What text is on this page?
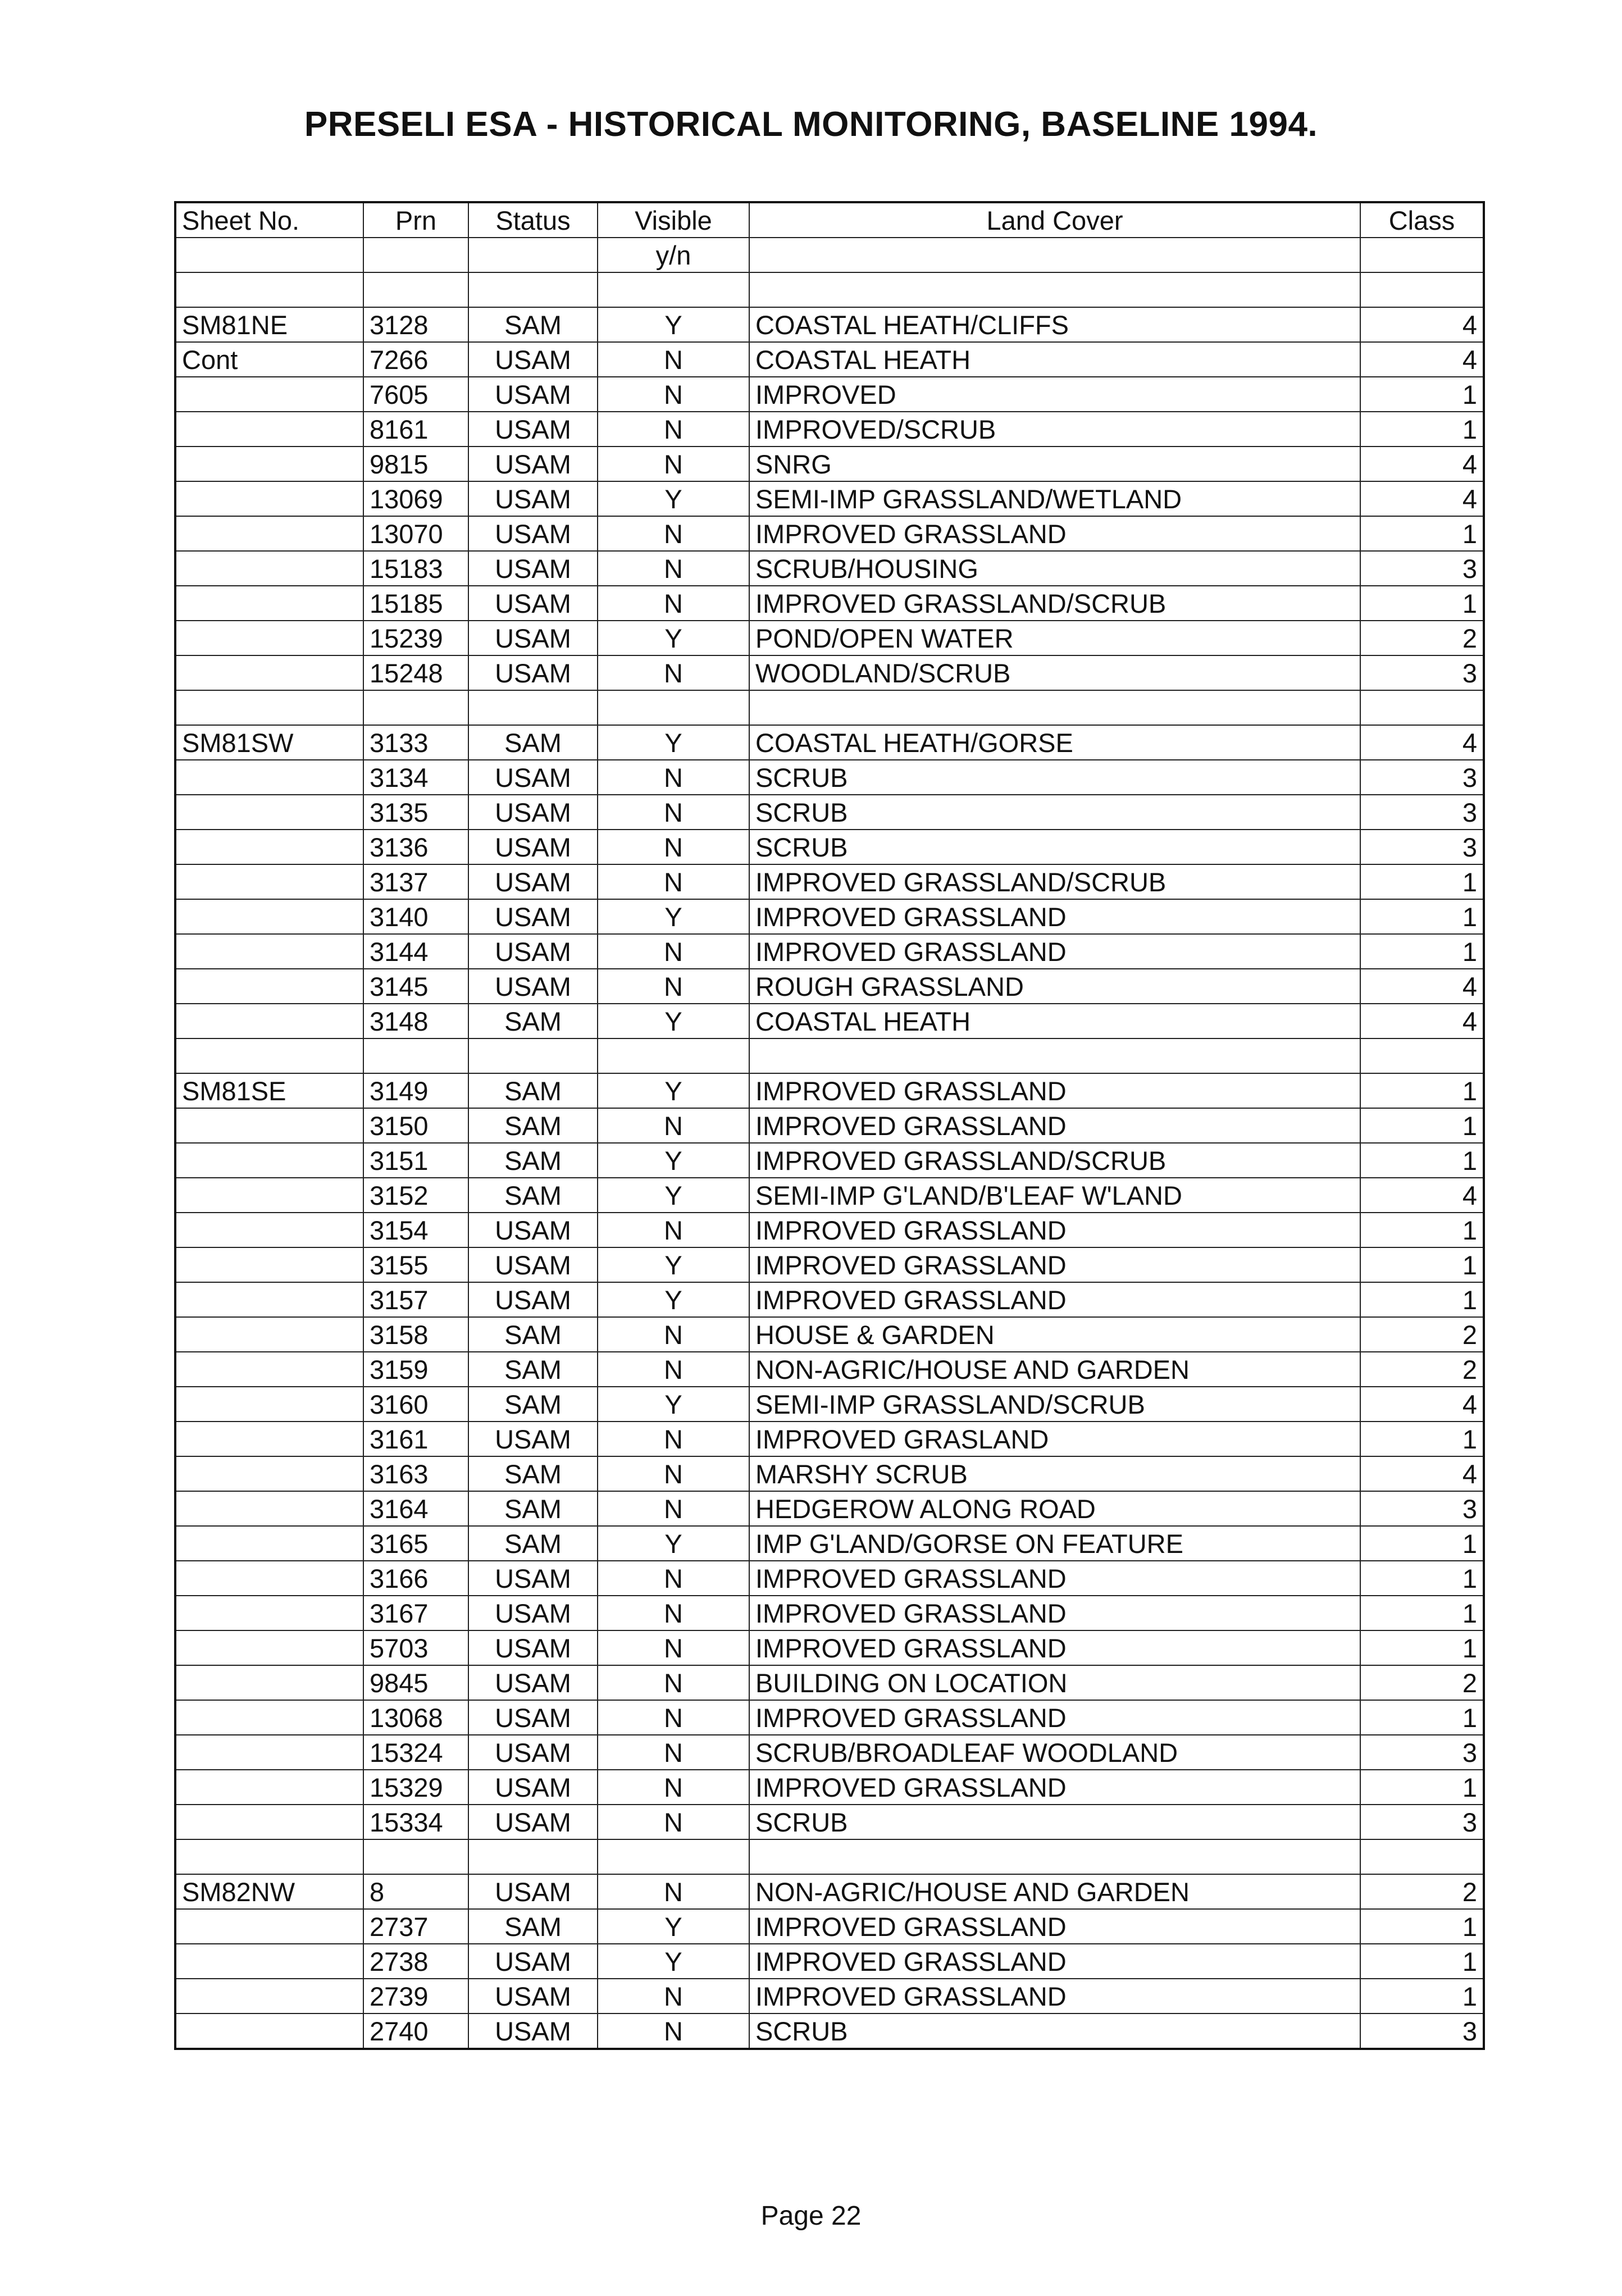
PRESELI ESA - HISTORICAL MONITORING, BASELINE 1994.
Sheet No.	Prn	Status	Visible	Land Cover	Class
			y/n		

SM81NE	3128	SAM	Y	COASTAL HEATH/CLIFFS	4
Cont	7266	USAM	N	COASTAL HEATH	4
	7605	USAM	N	IMPROVED	1
	8161	USAM	N	IMPROVED/SCRUB	1
	9815	USAM	N	SNRG	4
	13069	USAM	Y	SEMI-IMP GRASSLAND/WETLAND	4
	13070	USAM	N	IMPROVED GRASSLAND	1
	15183	USAM	N	SCRUB/HOUSING	3
	15185	USAM	N	IMPROVED GRASSLAND/SCRUB	1
	15239	USAM	Y	POND/OPEN WATER	2
	15248	USAM	N	WOODLAND/SCRUB	3

SM81SW	3133	SAM	Y	COASTAL HEATH/GORSE	4
	3134	USAM	N	SCRUB	3
	3135	USAM	N	SCRUB	3
	3136	USAM	N	SCRUB	3
	3137	USAM	N	IMPROVED GRASSLAND/SCRUB	1
	3140	USAM	Y	IMPROVED GRASSLAND	1
	3144	USAM	N	IMPROVED GRASSLAND	1
	3145	USAM	N	ROUGH GRASSLAND	4
	3148	SAM	Y	COASTAL HEATH	4

SM81SE	3149	SAM	Y	IMPROVED GRASSLAND	1
	3150	SAM	N	IMPROVED GRASSLAND	1
	3151	SAM	Y	IMPROVED GRASSLAND/SCRUB	1
	3152	SAM	Y	SEMI-IMP G'LAND/B'LEAF W'LAND	4
	3154	USAM	N	IMPROVED GRASSLAND	1
	3155	USAM	Y	IMPROVED GRASSLAND	1
	3157	USAM	Y	IMPROVED GRASSLAND	1
	3158	SAM	N	HOUSE & GARDEN	2
	3159	SAM	N	NON-AGRIC/HOUSE AND GARDEN	2
	3160	SAM	Y	SEMI-IMP GRASSLAND/SCRUB	4
	3161	USAM	N	IMPROVED GRASLAND	1
	3163	SAM	N	MARSHY SCRUB	4
	3164	SAM	N	HEDGEROW ALONG ROAD	3
	3165	SAM	Y	IMP G'LAND/GORSE ON FEATURE	1
	3166	USAM	N	IMPROVED GRASSLAND	1
	3167	USAM	N	IMPROVED GRASSLAND	1
	5703	USAM	N	IMPROVED GRASSLAND	1
	9845	USAM	N	BUILDING ON LOCATION	2
	13068	USAM	N	IMPROVED GRASSLAND	1
	15324	USAM	N	SCRUB/BROADLEAF WOODLAND	3
	15329	USAM	N	IMPROVED GRASSLAND	1
	15334	USAM	N	SCRUB	3

SM82NW	8	USAM	N	NON-AGRIC/HOUSE AND GARDEN	2
	2737	SAM	Y	IMPROVED GRASSLAND	1
	2738	USAM	Y	IMPROVED GRASSLAND	1
	2739	USAM	N	IMPROVED GRASSLAND	1
	2740	USAM	N	SCRUB	3
Page 22
